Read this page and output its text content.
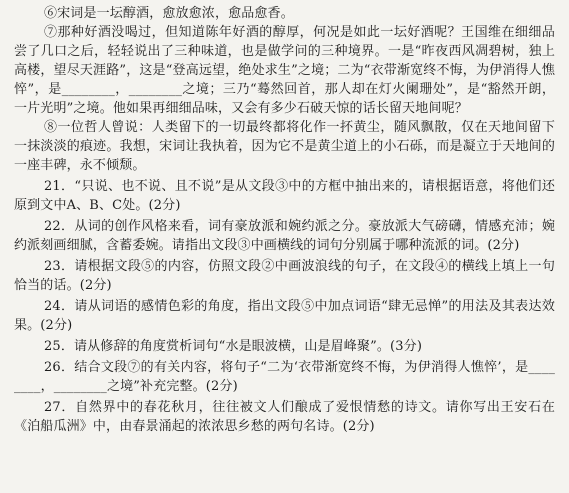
⑥宋词是一坛醇酒，愈放愈浓，愈品愈香。

⑦那种好酒没喝过，但知道陈年好酒的醇厚，何况是如此一坛好酒呢？王国维在细细品尝了几口之后，轻轻说出了三种味道，也是做学问的三种境界。一是“昨夜西风凋碧树，独上高楼，望尽天涯路”，这是“登高远望，绝处求生”之境；二为“衣带渐宽终不悔，为伊消得人憔悴”，是________，________之境；三乃“蓦然回首，那人却在灯火阑珊处”，是“豁然开朗，一片光明”之境。他如果再细细品味，又会有多少石破天惊的话长留天地间呢？

⑧一位哲人曾说：人类留下的一切最终都将化作一抔黄尘，随风飘散，仅在天地间留下一抹淡淡的痕迹。我想，宋词让我执着，因为它不是黄尘道上的小石砾，而是凝立于天地间的一座丰碑，永不倾颓。

21．“只说、也不说、且不说”是从文段③中的方框中抽出来的，请根据语意，将他们还原到文中A、B、C处。(2分)

22．从词的创作风格来看，词有豪放派和婉约派之分。豪放派大气磅礴，情感充沛；婉约派刻画细腻，含蓄委婉。请指出文段③中画横线的词句分别属于哪种流派的词。(2分)

23．请根据文段⑤的内容，仿照文段②中画波浪线的句子，在文段④的横线上填上一句恰当的话。(2分)

24．请从词语的感情色彩的角度，指出文段⑤中加点词语“肆无忌惮”的用法及其表达效果。(2分)

25．请从修辞的角度赏析词句“水是眼波横，山是眉峰聚”。(3分)

26．结合文段⑦的有关内容，将句子“二为‘衣带渐宽终不悔，为伊消得人憔悴’，是________，________之境”补充完整。(2分)

27．自然界中的春花秋月，往往被文人们酿成了爱恨情愁的诗文。请你写出王安石在《泊船瓜洲》中，由春景涌起的浓浓思乡愁的两句名诗。(2分)
